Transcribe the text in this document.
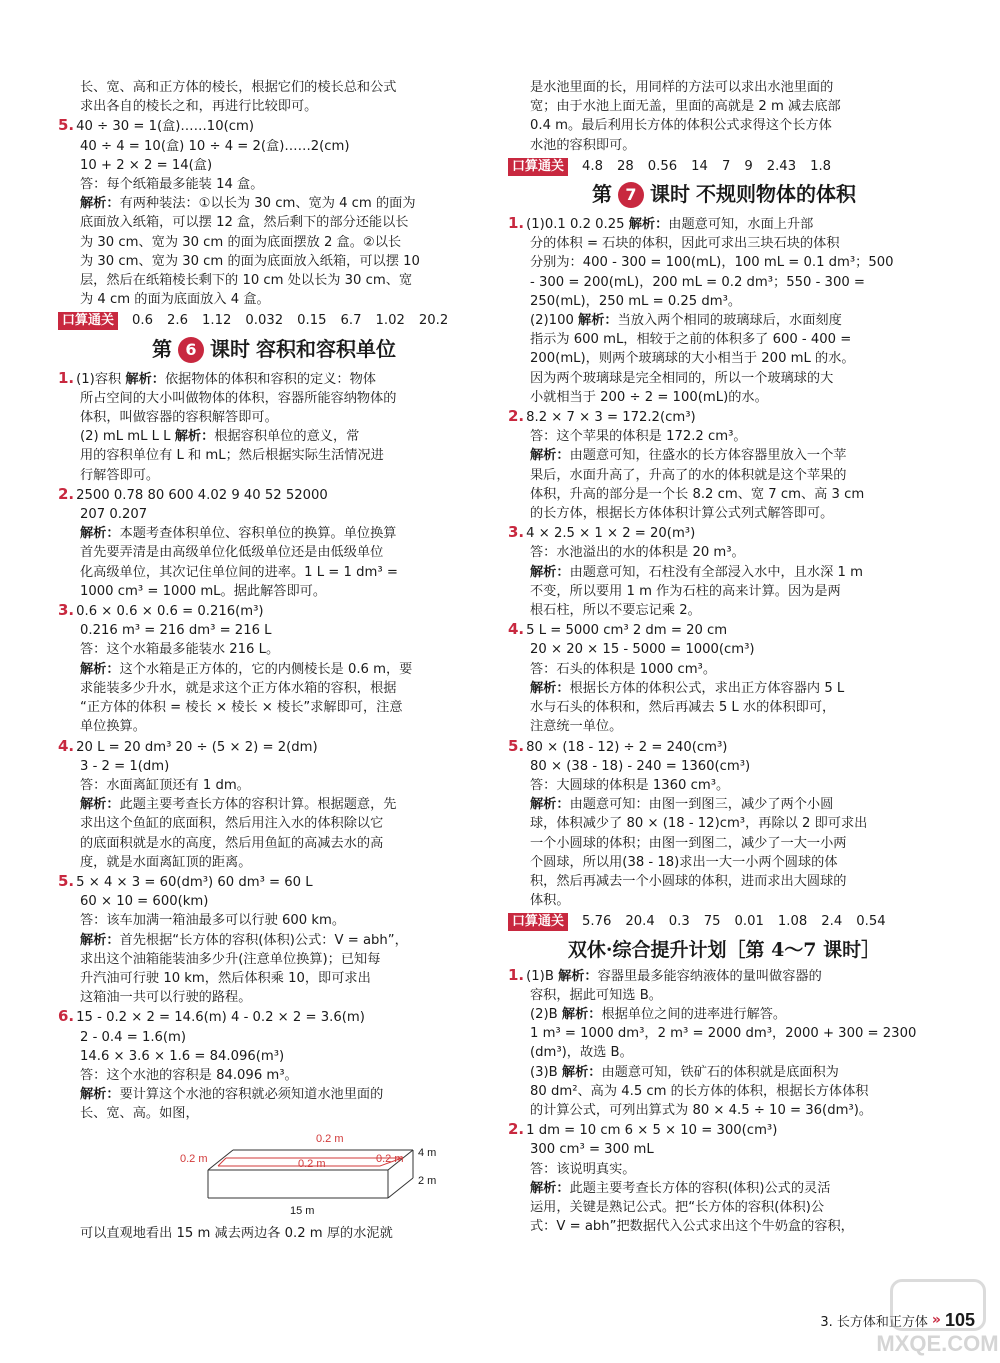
长、宽、高和正方体的棱长，根据它们的棱长总和公式

求出各自的棱长之和，再进行比较即可。

5. 40 ÷ 30 = 1(盒)……10(cm)

40 ÷ 4 = 10(盒) 10 ÷ 4 = 2(盒)……2(cm)

10 + 2 × 2 = 14(盒)

答：每个纸箱最多能装 14 盒。

解析：有两种装法：①以长为 30 cm、宽为 4 cm 的面为

底面放入纸箱，可以摆 12 盒，然后剩下的部分还能以长

为 30 cm、宽为 30 cm 的面为底面摆放 2 盒。②以长

为 30 cm、宽为 30 cm 的面为底面放入纸箱，可以摆 10

层，然后在纸箱棱长剩下的 10 cm 处以长为 30 cm、宽

为 4 cm 的面为底面放入 4 盒。

口算通关	0.6 2.6 1.12 0.032 0.15 6.7 1.02 20.2
第 6 课时 容积和容积单位

1. (1)容积 解析：依据物体的体积和容积的定义：物体

所占空间的大小叫做物体的体积，容器所能容纳物体的

体积，叫做容器的容积解答即可。

(2) mL mL L L 解析：根据容积单位的意义，常

用的容积单位有 L 和 mL；然后根据实际生活情况进

行解答即可。

2. 2500 0.78 80 600 4.02 9 40 52 52000

207 0.207

解析：本题考查体积单位、容积单位的换算。单位换算

首先要弄清是由高级单位化低级单位还是由低级单位

化高级单位，其次记住单位间的进率。1 L = 1 dm³ =

1000 cm³ = 1000 mL。据此解答即可。

3. 0.6 × 0.6 × 0.6 = 0.216(m³)

0.216 m³ = 216 dm³ = 216 L

答：这个水箱最多能装水 216 L。

解析：这个水箱是正方体的，它的内侧棱长是 0.6 m，要

求能装多少升水，就是求这个正方体水箱的容积，根据

“正方体的体积 = 棱长 × 棱长 × 棱长”求解即可，注意

单位换算。

4. 20 L = 20 dm³ 20 ÷ (5 × 2) = 2(dm)

3 - 2 = 1(dm)

答：水面离缸顶还有 1 dm。

解析：此题主要考查长方体的容积计算。根据题意，先

求出这个鱼缸的底面积，然后用注入水的体积除以它

的底面积就是水的高度，然后用鱼缸的高减去水的高

度，就是水面离缸顶的距离。

5. 5 × 4 × 3 = 60(dm³) 60 dm³ = 60 L

60 × 10 = 600(km)

答：该车加满一箱油最多可以行驶 600 km。

解析：首先根据“长方体的容积(体积)公式：V = abh”，

求出这个油箱能装油多少升(注意单位换算)；已知每

升汽油可行驶 10 km，然后体积乘 10，即可求出

这箱油一共可以行驶的路程。

6. 15 - 0.2 × 2 = 14.6(m) 4 - 0.2 × 2 = 3.6(m)

2 - 0.4 = 1.6(m)

14.6 × 3.6 × 1.6 = 84.096(m³)

答：这个水池的容积是 84.096 m³。

解析：要计算这个水池的容积就必须知道水池里面的

长、宽、高。如图，

0.2 m
0.2 m	0.2 m	0.2 m
2 m
15 m
4 m

可以直观地看出 15 m 减去两边各 0.2 m 厚的水泥就

是水池里面的长，用同样的方法可以求出水池里面的

宽；由于水池上面无盖，里面的高就是 2 m 减去底部

0.4 m。最后利用长方体的体积公式求得这个长方体

水池的容积即可。

口算通关	4.8 28 0.56 14 7 9 2.43 1.8
第 7 课时 不规则物体的体积

1. (1)0.1 0.2 0.25 解析：由题意可知，水面上升部

分的体积 = 石块的体积，因此可求出三块石块的体积

分别为：400 - 300 = 100(mL)，100 mL = 0.1 dm³；500

- 300 = 200(mL)，200 mL = 0.2 dm³；550 - 300 =

250(mL)，250 mL = 0.25 dm³。

(2)100 解析：当放入两个相同的玻璃球后，水面刻度

指示为 600 mL，相较于之前的体积多了 600 - 400 =

200(mL)，则两个玻璃球的大小相当于 200 mL 的水。

因为两个玻璃球是完全相同的，所以一个玻璃球的大

小就相当于 200 ÷ 2 = 100(mL)的水。

2. 8.2 × 7 × 3 = 172.2(cm³)

答：这个苹果的体积是 172.2 cm³。

解析：由题意可知，往盛水的长方体容器里放入一个苹

果后，水面升高了，升高了的水的体积就是这个苹果的

体积，升高的部分是一个长 8.2 cm、宽 7 cm、高 3 cm

的长方体，根据长方体体积计算公式列式解答即可。

3. 4 × 2.5 × 1 × 2 = 20(m³)

答：水池溢出的水的体积是 20 m³。

解析：由题意可知，石柱没有全部浸入水中，且水深 1 m

不变，所以要用 1 m 作为石柱的高来计算。因为是两

根石柱，所以不要忘记乘 2。

4. 5 L = 5000 cm³ 2 dm = 20 cm

20 × 20 × 15 - 5000 = 1000(cm³)

答：石头的体积是 1000 cm³。

解析：根据长方体的体积公式，求出正方体容器内 5 L

水与石头的体积和，然后再减去 5 L 水的体积即可，

注意统一单位。

5. 80 × (18 - 12) ÷ 2 = 240(cm³)

80 × (38 - 18) - 240 = 1360(cm³)

答：大圆球的体积是 1360 cm³。

解析：由题意可知：由图一到图三，减少了两个小圆

球，体积减少了 80 × (18 - 12)cm³，再除以 2 即可求出

一个小圆球的体积；由图一到图二，减少了一大一小两

个圆球，所以用(38 - 18)求出一大一小两个圆球的体

积，然后再减去一个小圆球的体积，进而求出大圆球的

体积。

口算通关	5.76 20.4 0.3 75 0.01 1.08 2.4 0.54
双休·综合提升计划［第 4～7 课时］

1. (1)B 解析：容器里最多能容纳液体的量叫做容器的

容积，据此可知选 B。

(2)B 解析：根据单位之间的进率进行解答。

1 m³ = 1000 dm³，2 m³ = 2000 dm³，2000 + 300 = 2300

(dm³)，故选 B。

(3)B 解析：由题意可知，铁矿石的体积就是底面积为

80 dm²、高为 4.5 cm 的长方体的体积，根据长方体体积

的计算公式，可列出算式为 80 × 4.5 ÷ 10 = 36(dm³)。

2. 1 dm = 10 cm 6 × 5 × 10 = 300(cm³)

300 cm³ = 300 mL

答：该说明真实。

解析：此题主要考查长方体的容积(体积)公式的灵活

运用，关键是熟记公式。把“长方体的容积(体积)公

式：V = abh”把数据代入公式求出这个牛奶盒的容积，

3. 长方体和正方体 » 105
MXQE.COM
